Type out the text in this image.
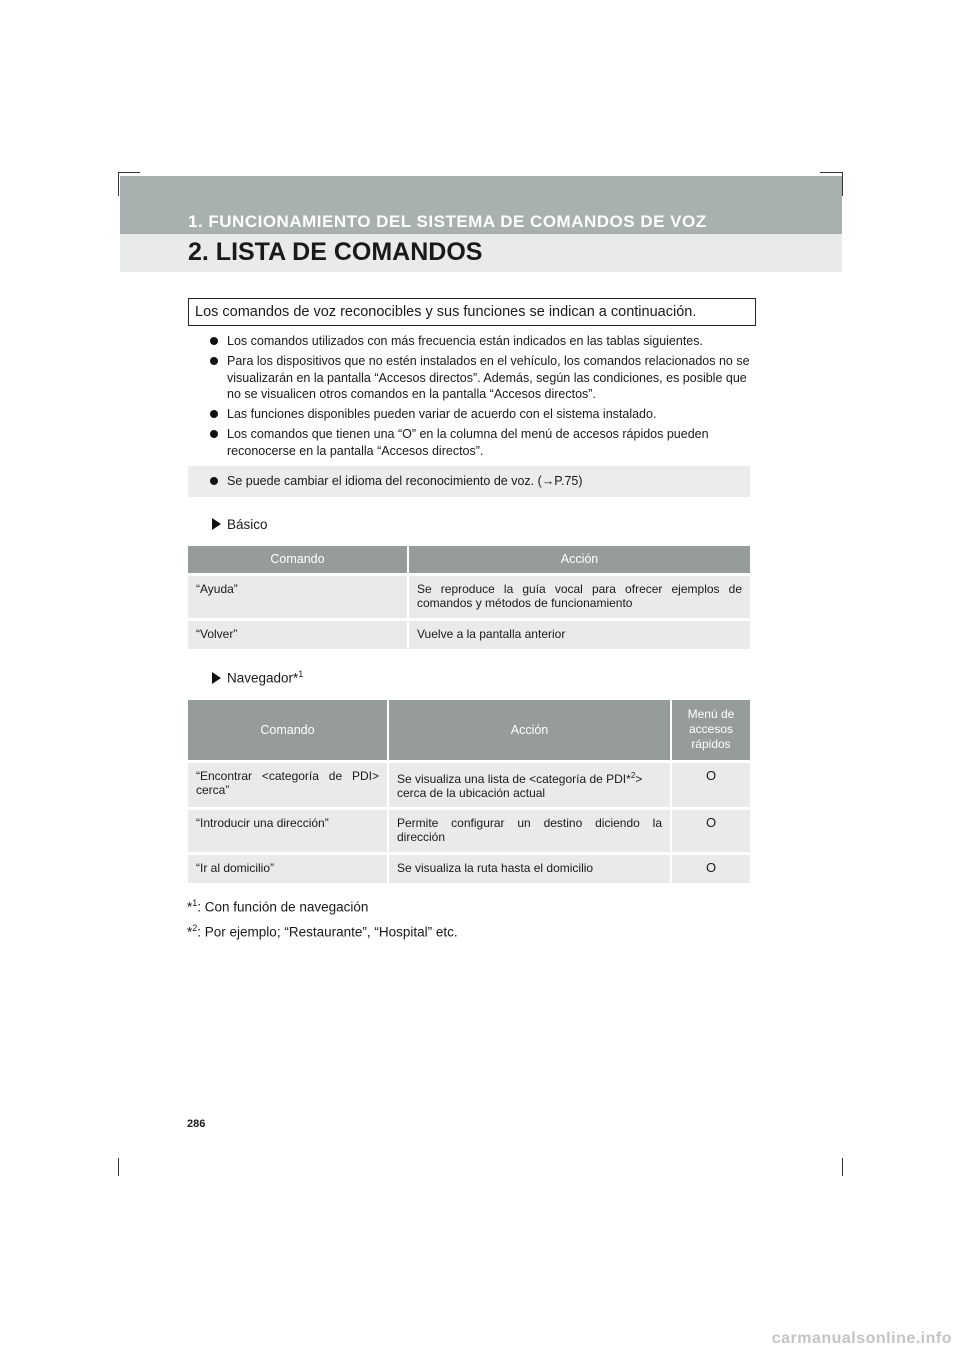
1. FUNCIONAMIENTO DEL SISTEMA DE COMANDOS DE VOZ
2. LISTA DE COMANDOS
Los comandos de voz reconocibles y sus funciones se indican a continuación.
Los comandos utilizados con más frecuencia están indicados en las tablas siguientes.
Para los dispositivos que no estén instalados en el vehículo, los comandos relacionados no se visualizarán en la pantalla “Accesos directos”. Además, según las condiciones, es posible que no se visualicen otros comandos en la pantalla “Accesos directos”.
Las funciones disponibles pueden variar de acuerdo con el sistema instalado.
Los comandos que tienen una “O” en la columna del menú de accesos rápidos pueden reconocerse en la pantalla “Accesos directos”.
Se puede cambiar el idioma del reconocimiento de voz. (→P.75)
Básico
Comando	Acción
“Ayuda”	Se reproduce la guía vocal para ofrecer ejemplos de comandos y métodos de funcionamiento
“Volver”	Vuelve a la pantalla anterior
Navegador*$^1$
Comando	Acción	Menú de accesos rápidos
“Encontrar <categoría de PDI> cerca”	Se visualiza una lista de <categoría de PDI*$^2$> cerca de la ubicación actual	O
“Introducir una dirección”	Permite configurar un destino diciendo la dirección	O
“Ir al domicilio”	Se visualiza la ruta hasta el domicilio	O
*$^1$: Con función de navegación
*$^2$: Por ejemplo; “Restaurante”, “Hospital” etc.
286
carmanualsonline.info
